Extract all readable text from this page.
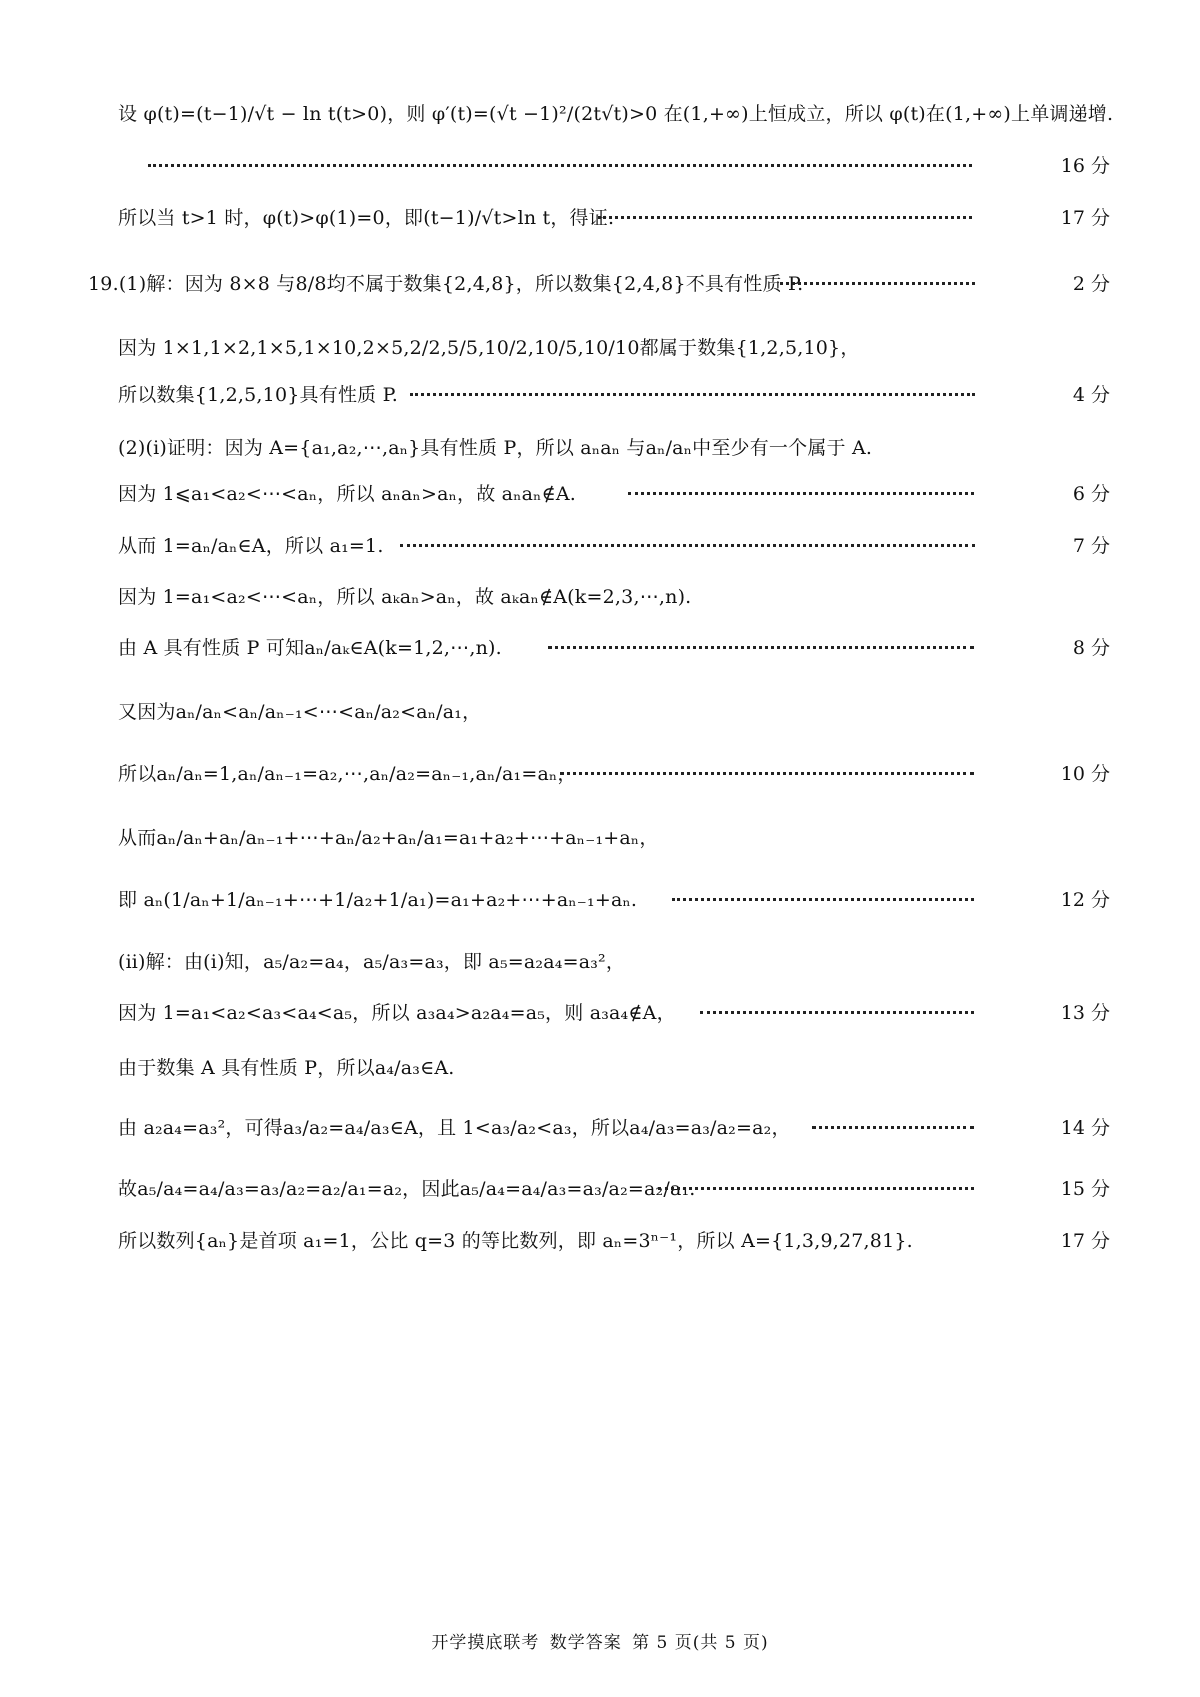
设 φ(t)=(t−1)/√t − ln t(t>0)，则 φ′(t)=(√t −1)²/(2t√t)>0 在(1,+∞)上恒成立，所以 φ(t)在(1,+∞)上单调递增.
16 分
所以当 t>1 时，φ(t)>φ(1)=0，即(t−1)/√t>ln t，得证.	17 分
19.(1)解：因为 8×8 与8/8均不属于数集{2,4,8}，所以数集{2,4,8}不具有性质 P.	2 分
因为 1×1,1×2,1×5,1×10,2×5,2/2,5/5,10/2,10/5,10/10都属于数集{1,2,5,10}，
所以数集{1,2,5,10}具有性质 P.	4 分
(2)(ⅰ)证明：因为 A={a₁,a₂,⋯,aₙ}具有性质 P，所以 aₙaₙ 与aₙ/aₙ中至少有一个属于 A.
因为 1⩽a₁<a₂<⋯<aₙ，所以 aₙaₙ>aₙ，故 aₙaₙ∉A.	6 分
从而 1=aₙ/aₙ∈A，所以 a₁=1.	7 分
因为 1=a₁<a₂<⋯<aₙ，所以 aₖaₙ>aₙ，故 aₖaₙ∉A(k=2,3,⋯,n).
由 A 具有性质 P 可知aₙ/aₖ∈A(k=1,2,⋯,n).	8 分
又因为aₙ/aₙ<aₙ/aₙ₋₁<⋯<aₙ/a₂<aₙ/a₁，
所以aₙ/aₙ=1,aₙ/aₙ₋₁=a₂,⋯,aₙ/a₂=aₙ₋₁,aₙ/a₁=aₙ，	10 分
从而aₙ/aₙ+aₙ/aₙ₋₁+⋯+aₙ/a₂+aₙ/a₁=a₁+a₂+⋯+aₙ₋₁+aₙ，
即 aₙ(1/aₙ+1/aₙ₋₁+⋯+1/a₂+1/a₁)=a₁+a₂+⋯+aₙ₋₁+aₙ.	12 分
(ⅱ)解：由(ⅰ)知，a₅/a₂=a₄，a₅/a₃=a₃，即 a₅=a₂a₄=a₃²，
因为 1=a₁<a₂<a₃<a₄<a₅，所以 a₃a₄>a₂a₄=a₅，则 a₃a₄∉A，	13 分
由于数集 A 具有性质 P，所以a₄/a₃∈A.
由 a₂a₄=a₃²，可得a₃/a₂=a₄/a₃∈A，且 1<a₃/a₂<a₃，所以a₄/a₃=a₃/a₂=a₂，	14 分
故a₅/a₄=a₄/a₃=a₃/a₂=a₂/a₁=a₂，因此a₅/a₄=a₄/a₃=a₃/a₂=a₂/a₁.	15 分
所以数列{aₙ}是首项 a₁=1，公比 q=3 的等比数列，即 aₙ=3ⁿ⁻¹，所以 A={1,3,9,27,81}.	17 分
开学摸底联考 数学答案 第 5 页(共 5 页)
